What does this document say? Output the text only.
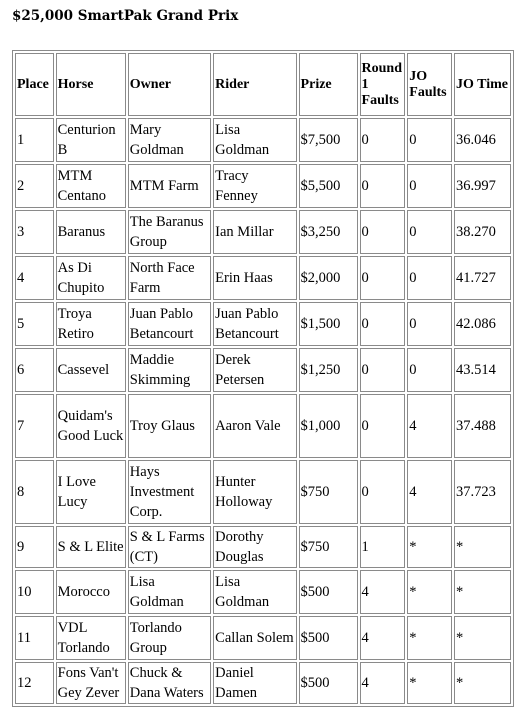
$25,000 SmartPak Grand Prix
Place	Horse	Owner	Rider	Prize	Round 1 Faults	JO Faults	JO Time
1	Centurion B	Mary Goldman	Lisa Goldman	$7,500	0	0	36.046
2	MTM Centano	MTM Farm	Tracy Fenney	$5,500	0	0	36.997
3	Baranus	The Baranus Group	Ian Millar	$3,250	0	0	38.270
4	As Di Chupito	North Face Farm	Erin Haas	$2,000	0	0	41.727
5	Troya Retiro	Juan Pablo Betancourt	Juan Pablo Betancourt	$1,500	0	0	42.086
6	Cassevel	Maddie Skimming	Derek Petersen	$1,250	0	0	43.514
7	Quidam's Good Luck	Troy Glaus	Aaron Vale	$1,000	0	4	37.488
8	I Love Lucy	Hays Investment Corp.	Hunter Holloway	$750	0	4	37.723
9	S & L Elite	S & L Farms (CT)	Dorothy Douglas	$750	1	*	*
10	Morocco	Lisa Goldman	Lisa Goldman	$500	4	*	*
11	VDL Torlando	Torlando Group	Callan Solem	$500	4	*	*
12	Fons Van't Gey Zever	Chuck & Dana Waters	Daniel Damen	$500	4	*	*
